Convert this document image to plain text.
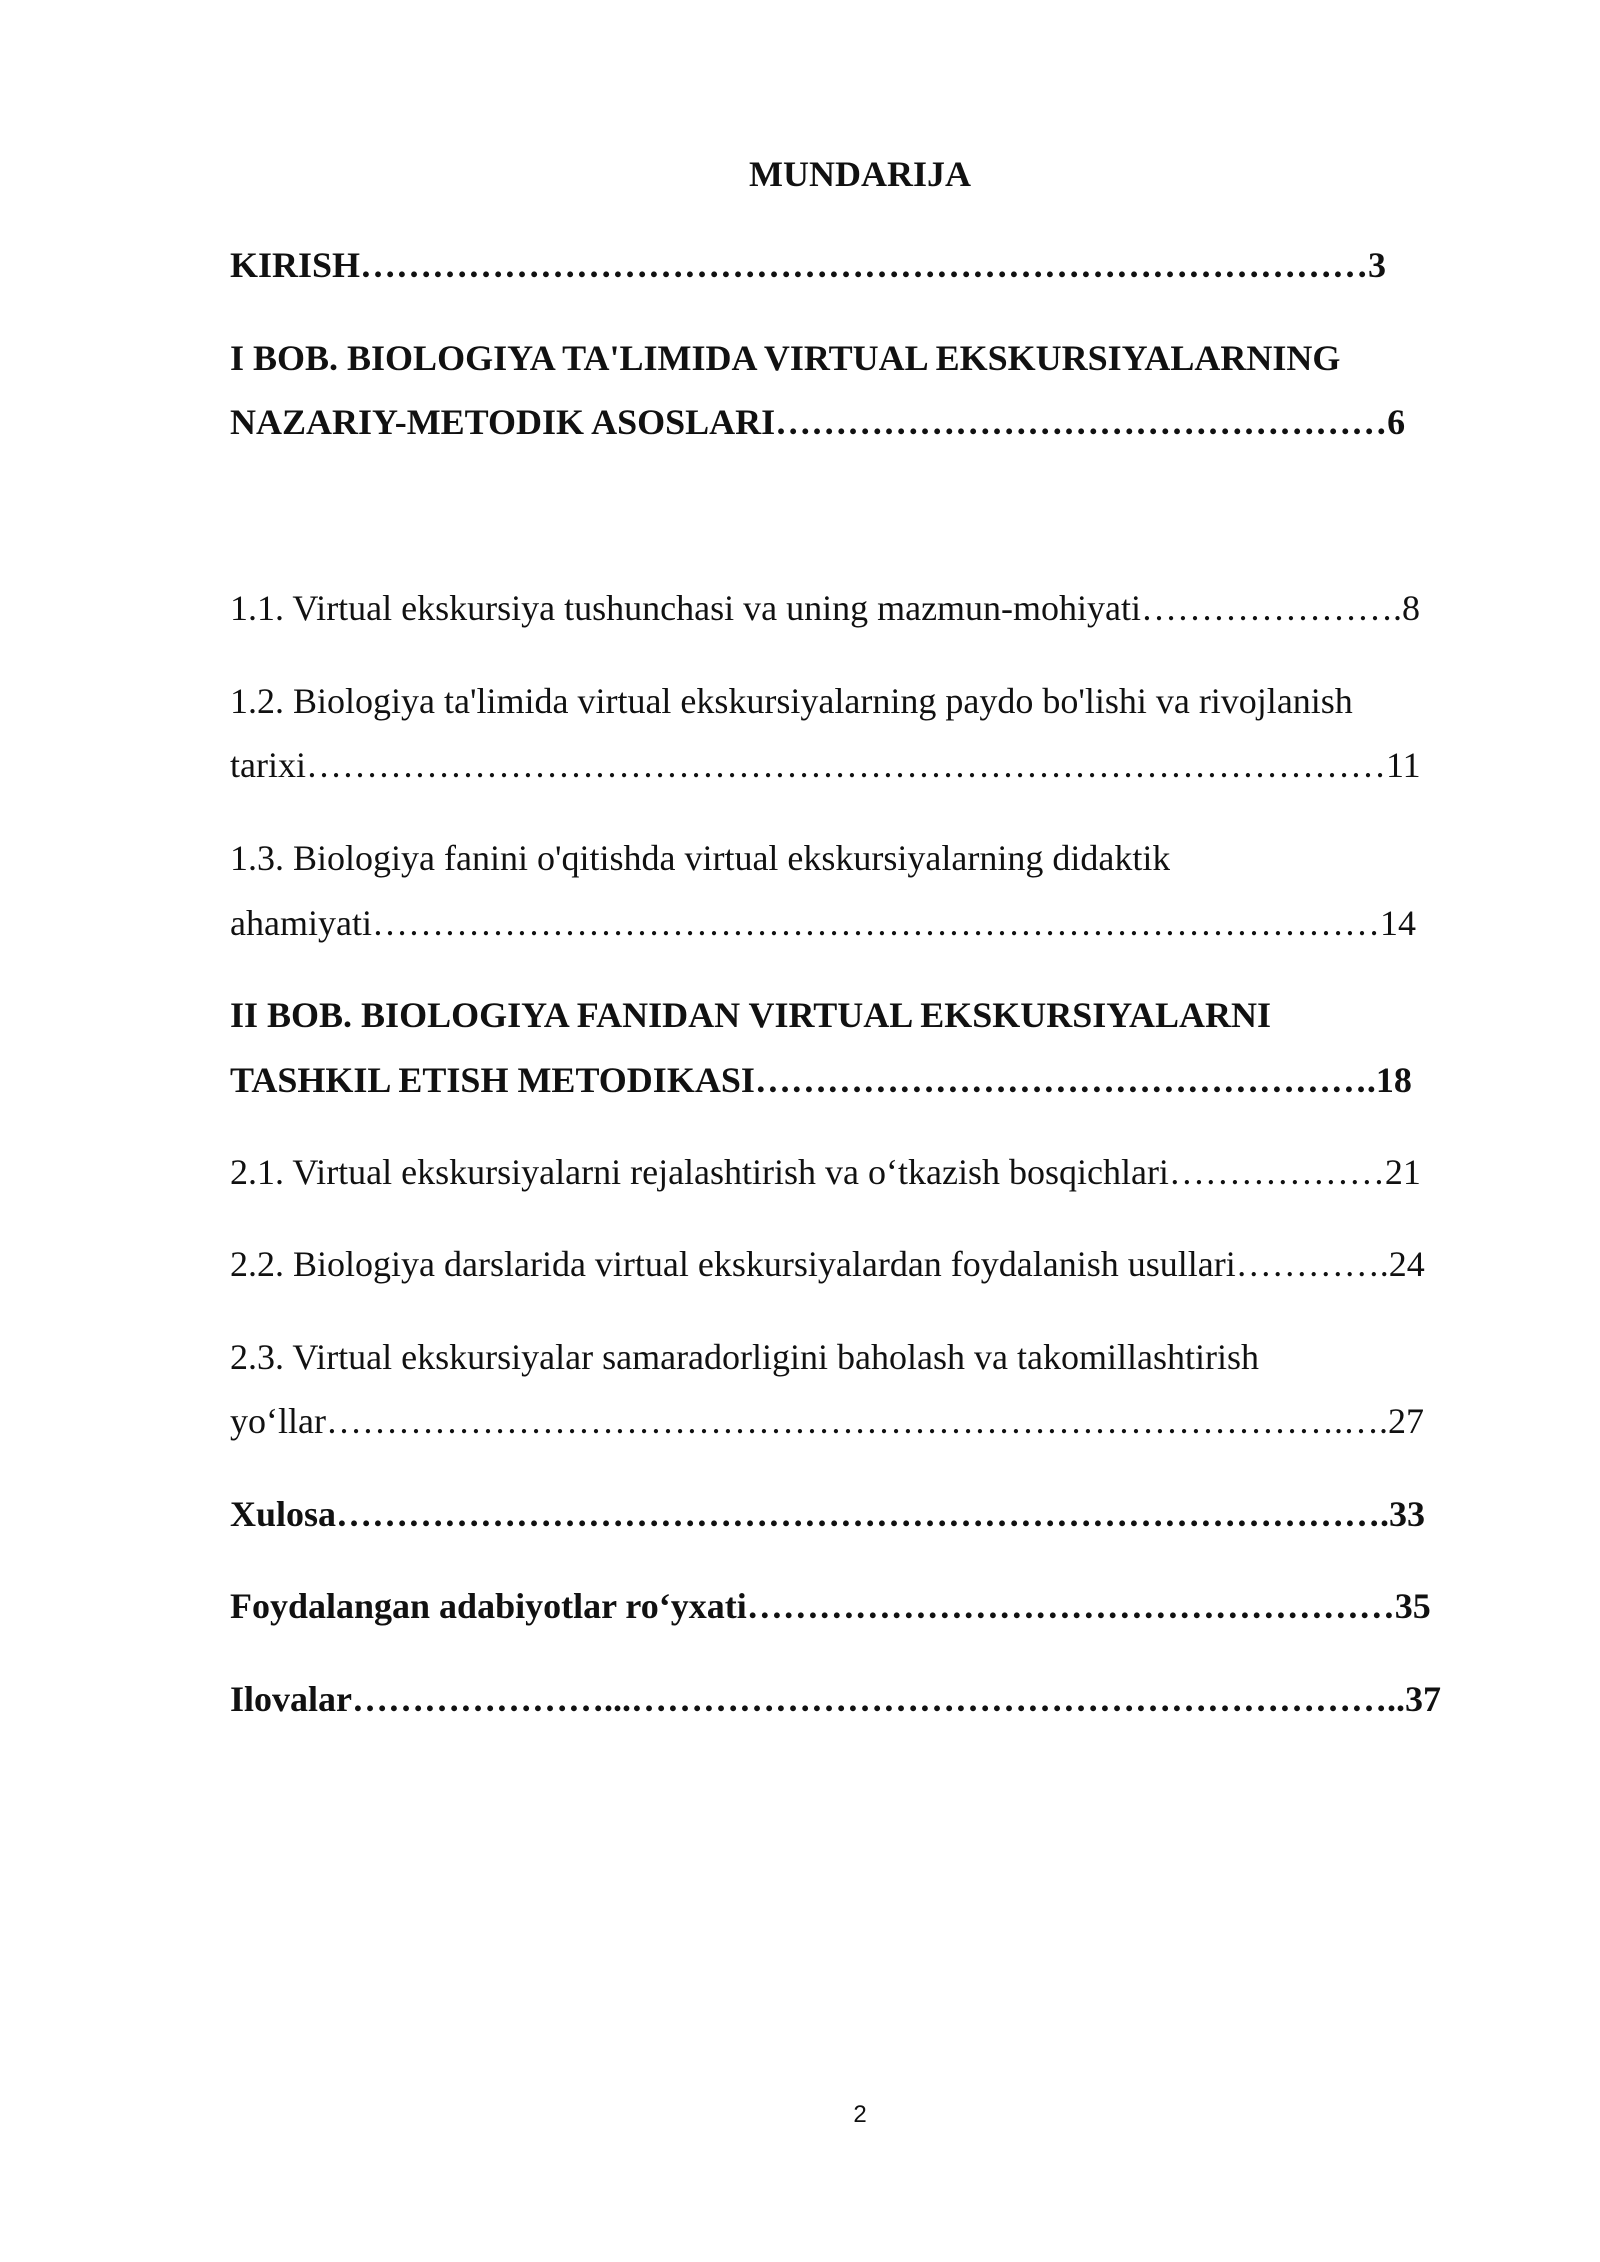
MUNDARIJA
KIRISH…………………………………………………………………………3
I BOB. BIOLOGIYA TA'LIMIDA VIRTUAL EKSKURSIYALARNING
NAZARIY-METODIK ASOSLARI……………………………………………6
1.1. Virtual ekskursiya tushunchasi va uning mazmun-mohiyati………………….8
1.2. Biologiya ta'limida virtual ekskursiyalarning paydo bo'lishi va rivojlanish
tarixi………………………………………………………………………………11
1.3. Biologiya fanini o'qitishda virtual ekskursiyalarning didaktik
ahamiyati…………………………………………………………………………14
II BOB. BIOLOGIYA FANIDAN VIRTUAL EKSKURSIYALARNI
TASHKIL ETISH METODIKASI…………………………………………….18
2.1. Virtual ekskursiyalarni rejalashtirish va o‘tkazish bosqichlari………………21
2.2. Biologiya darslarida virtual ekskursiyalardan foydalanish usullari………….24
2.3. Virtual ekskursiyalar samaradorligini baholash va takomillashtirish
yo‘llar………………………………………………………………………….….27
Xulosa…………………………………………………………………………….33
Foydalangan adabiyotlar ro‘yxati………………………………………………35
Ilovalar…………………...………………………………………………………..37
2
